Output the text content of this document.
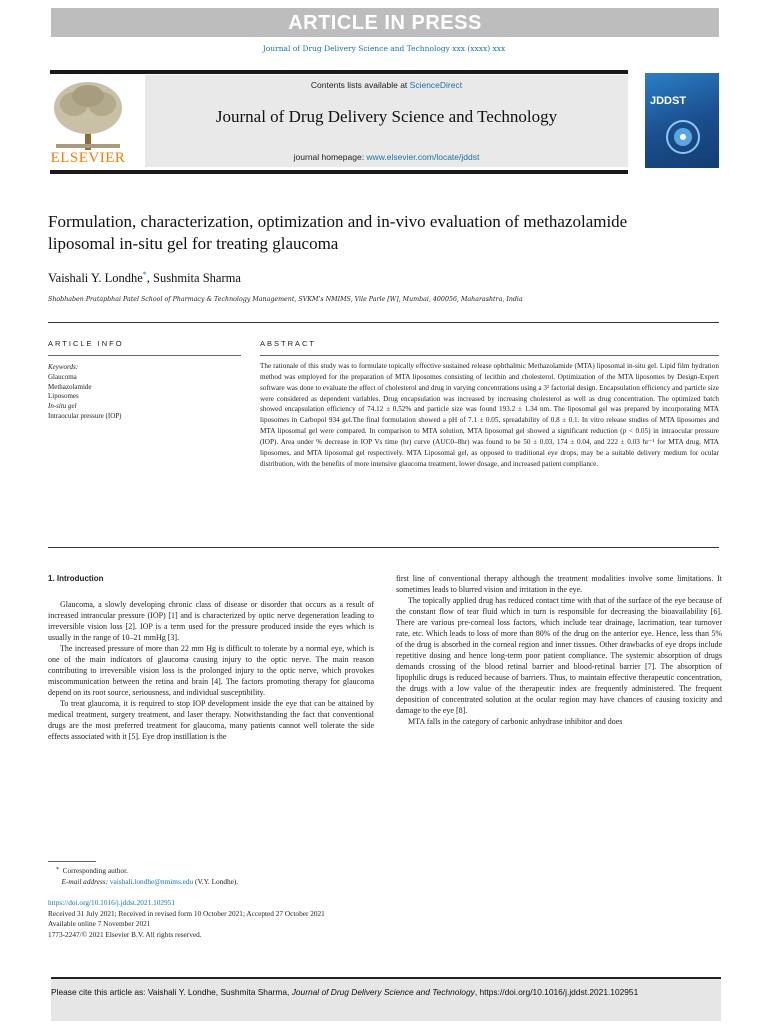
ARTICLE IN PRESS
Journal of Drug Delivery Science and Technology xxx (xxxx) xxx
ELSEVIER
Contents lists available at ScienceDirect
Journal of Drug Delivery Science and Technology
journal homepage: www.elsevier.com/locate/jddst
JDDST
Formulation, characterization, optimization and in-vivo evaluation of methazolamide liposomal in-situ gel for treating glaucoma
Vaishali Y. Londhe*, Sushmita Sharma
Shobhaben Pratapbhai Patel School of Pharmacy & Technology Management, SVKM’s NMIMS, Vile Parle [W], Mumbai, 400056, Maharashtra, India
ARTICLE INFO	ABSTRACT
Keywords:
Glaucoma
Methazolamide
Liposomes
In-situ gel
Intraocular pressure (IOP)
The rationale of this study was to formulate topically effective sustained release ophthalmic Methazolamide (MTA) liposomal in-situ gel. Lipid film hydration method was employed for the preparation of MTA liposomes consisting of lecithin and cholesterol. Optimization of the MTA liposomes by Design-Expert software was done to evaluate the effect of cholesterol and drug in varying concentrations using a 3² factorial design. Encapsulation efficiency and particle size were considered as dependent variables. Drug encapsulation was increased by increasing cholesterol as well as drug concentration. The optimized batch showed encapsulation efficiency of 74.12 ± 0.52% and particle size was found 193.2 ± 1.34 nm. The liposomal gel was prepared by incorporating MTA liposomes in Carbopol 934 gel.The final formulation showed a pH of 7.1 ± 0.05, spreadability of 0.8 ± 0.1. In vitro release studies of MTA liposomes and MTA liposomal gel were compared. In comparison to MTA solution, MTA liposomal gel showed a significant reduction (p < 0.05) in intraocular pressure (IOP). Area under % decrease in IOP Vs time (hr) curve (AUC0–8hr) was found to be 50 ± 0.03, 174 ± 0.04, and 222 ± 0.03 hr⁻¹ for MTA drug, MTA liposomes, and MTA liposomal gel respectively. MTA Liposomal gel, as opposed to traditional eye drops, may be a suitable delivery medium for ocular distribution, with the benefits of more intensive glaucoma treatment, lower dosage, and increased patient compliance.

1. Introduction

Glaucoma, a slowly developing chronic class of disease or disorder that occurs as a result of increased intraocular pressure (IOP) [1] and is characterized by optic nerve degeneration leading to irreversible vision loss [2]. IOP is a term used for the pressure produced inside the eyes which is usually in the range of 10–21 mmHg [3].

The increased pressure of more than 22 mm Hg is difficult to tolerate by a normal eye, which is one of the main indicators of glaucoma causing injury to the optic nerve. The main reason contributing to irreversible vision loss is the prolonged injury to the optic nerve, which provokes miscommunication between the retina and brain [4]. The factors promoting therapy for glaucoma depend on its root source, seriousness, and individual susceptibility.

To treat glaucoma, it is required to stop IOP development inside the eye that can be attained by medical treatment, surgery treatment, and laser therapy. Notwithstanding the fact that conventional drugs are the most preferred treatment for glaucoma, many patients cannot well tolerate the side effects associated with it [5]. Eye drop instillation is the

first line of conventional therapy although the treatment modalities involve some limitations. It sometimes leads to blurred vision and irritation in the eye.

The topically applied drug has reduced contact time with that of the surface of the eye because of the constant flow of tear fluid which in turn is responsible for decreasing the bioavailability [6]. There are various pre-corneal loss factors, which include tear drainage, lacrimation, tear turnover rate, etc. Which leads to loss of more than 80% of the drug on the anterior eye. Hence, less than 5% of the drug is absorbed in the corneal region and inner tissues. Other drawbacks of eye drops include repetitive dosing and hence long-term poor patient compliance. The systemic absorption of drugs demands crossing of the blood retinal barrier and blood-retinal barrier [7]. The absorption of lipophilic drugs is reduced because of barriers. Thus, to maintain effective therapeutic concentration, the drugs with a low value of the therapeutic index are frequently administered. The frequent deposition of concentrated solution at the ocular region may have chances of causing toxicity and damage to the eye [8].

MTA falls in the category of carbonic anhydrase inhibitor and does

* Corresponding author.
E-mail address: vaishali.londhe@nmims.edu (V.Y. Londhe).
https://doi.org/10.1016/j.jddst.2021.102951
Received 31 July 2021; Received in revised form 10 October 2021; Accepted 27 October 2021
Available online 7 November 2021
1773-2247/© 2021 Elsevier B.V. All rights reserved.
Please cite this article as: Vaishali Y. Londhe, Sushmita Sharma, Journal of Drug Delivery Science and Technology, https://doi.org/10.1016/j.jddst.2021.102951
